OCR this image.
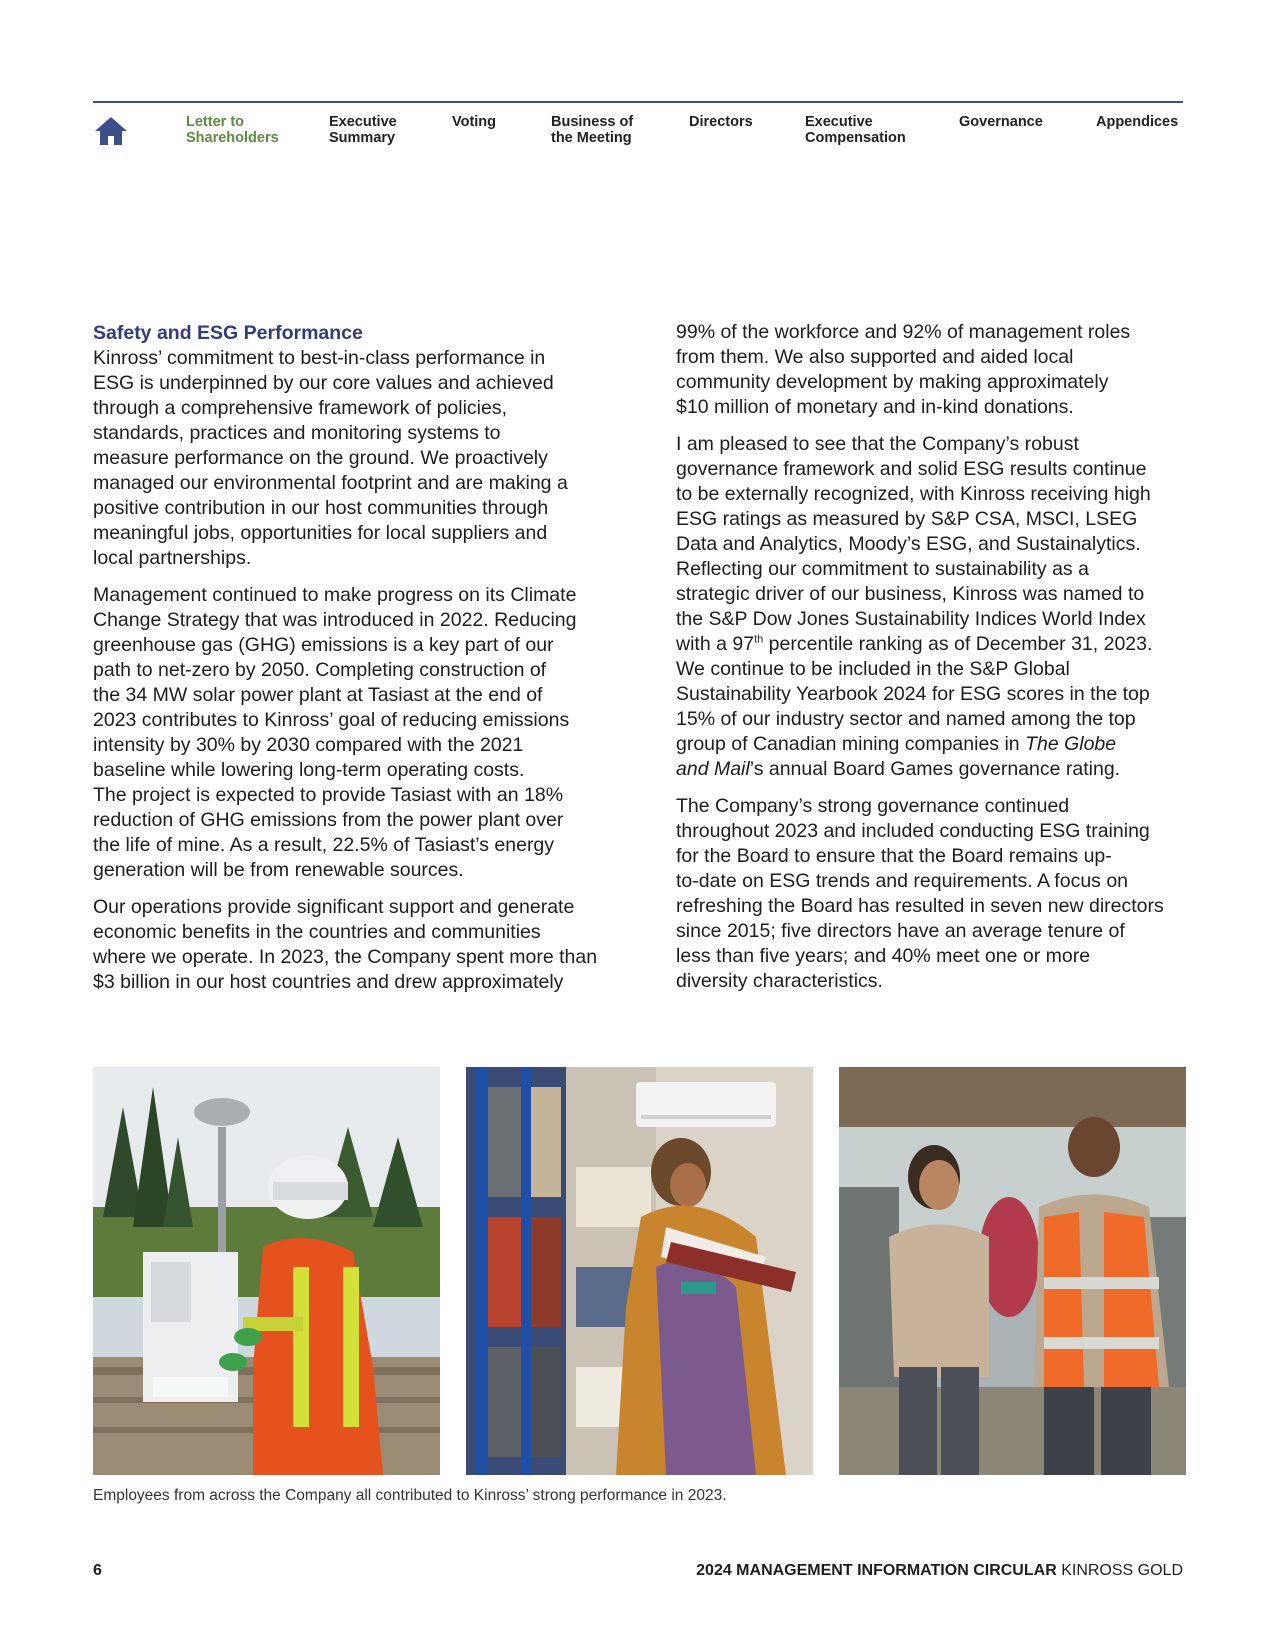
Letter to
Shareholders
Executive
Summary
Voting	Business of
the Meeting
Directors	Executive
Compensation
Governance	Appendices
Safety and ESG Performance

Kinross’ commitment to best-in-class performance in
ESG is underpinned by our core values and achieved
through a comprehensive framework of policies,
standards, practices and monitoring systems to
measure performance on the ground. We proactively
managed our environmental footprint and are making a
positive contribution in our host communities through
meaningful jobs, opportunities for local suppliers and
local partnerships.

Management continued to make progress on its Climate
Change Strategy that was introduced in 2022. Reducing
greenhouse gas (GHG) emissions is a key part of our
path to net-zero by 2050. Completing construction of
the 34 MW solar power plant at Tasiast at the end of
2023 contributes to Kinross’ goal of reducing emissions
intensity by 30% by 2030 compared with the 2021
baseline while lowering long-term operating costs.
The project is expected to provide Tasiast with an 18%
reduction of GHG emissions from the power plant over
the life of mine. As a result, 22.5% of Tasiast’s energy
generation will be from renewable sources.

Our operations provide significant support and generate
economic benefits in the countries and communities
where we operate. In 2023, the Company spent more than
$3 billion in our host countries and drew approximately

99% of the workforce and 92% of management roles
from them. We also supported and aided local
community development by making approximately
$10 million of monetary and in-kind donations.

I am pleased to see that the Company’s robust
governance framework and solid ESG results continue
to be externally recognized, with Kinross receiving high
ESG ratings as measured by S&P CSA, MSCI, LSEG
Data and Analytics, Moody’s ESG, and Sustainalytics.
Reflecting our commitment to sustainability as a
strategic driver of our business, Kinross was named to
the S&P Dow Jones Sustainability Indices World Index
with a 97th percentile ranking as of December 31, 2023.
We continue to be included in the S&P Global
Sustainability Yearbook 2024 for ESG scores in the top
15% of our industry sector and named among the top
group of Canadian mining companies in The Globe
and Mail’s annual Board Games governance rating.

The Company’s strong governance continued
throughout 2023 and included conducting ESG training
for the Board to ensure that the Board remains up-
to-date on ESG trends and requirements. A focus on
refreshing the Board has resulted in seven new directors
since 2015; five directors have an average tenure of
less than five years; and 40% meet one or more
diversity characteristics.

Employees from across the Company all contributed to Kinross’ strong performance in 2023.
6	2024 MANAGEMENT INFORMATION CIRCULAR KINROSS GOLD
